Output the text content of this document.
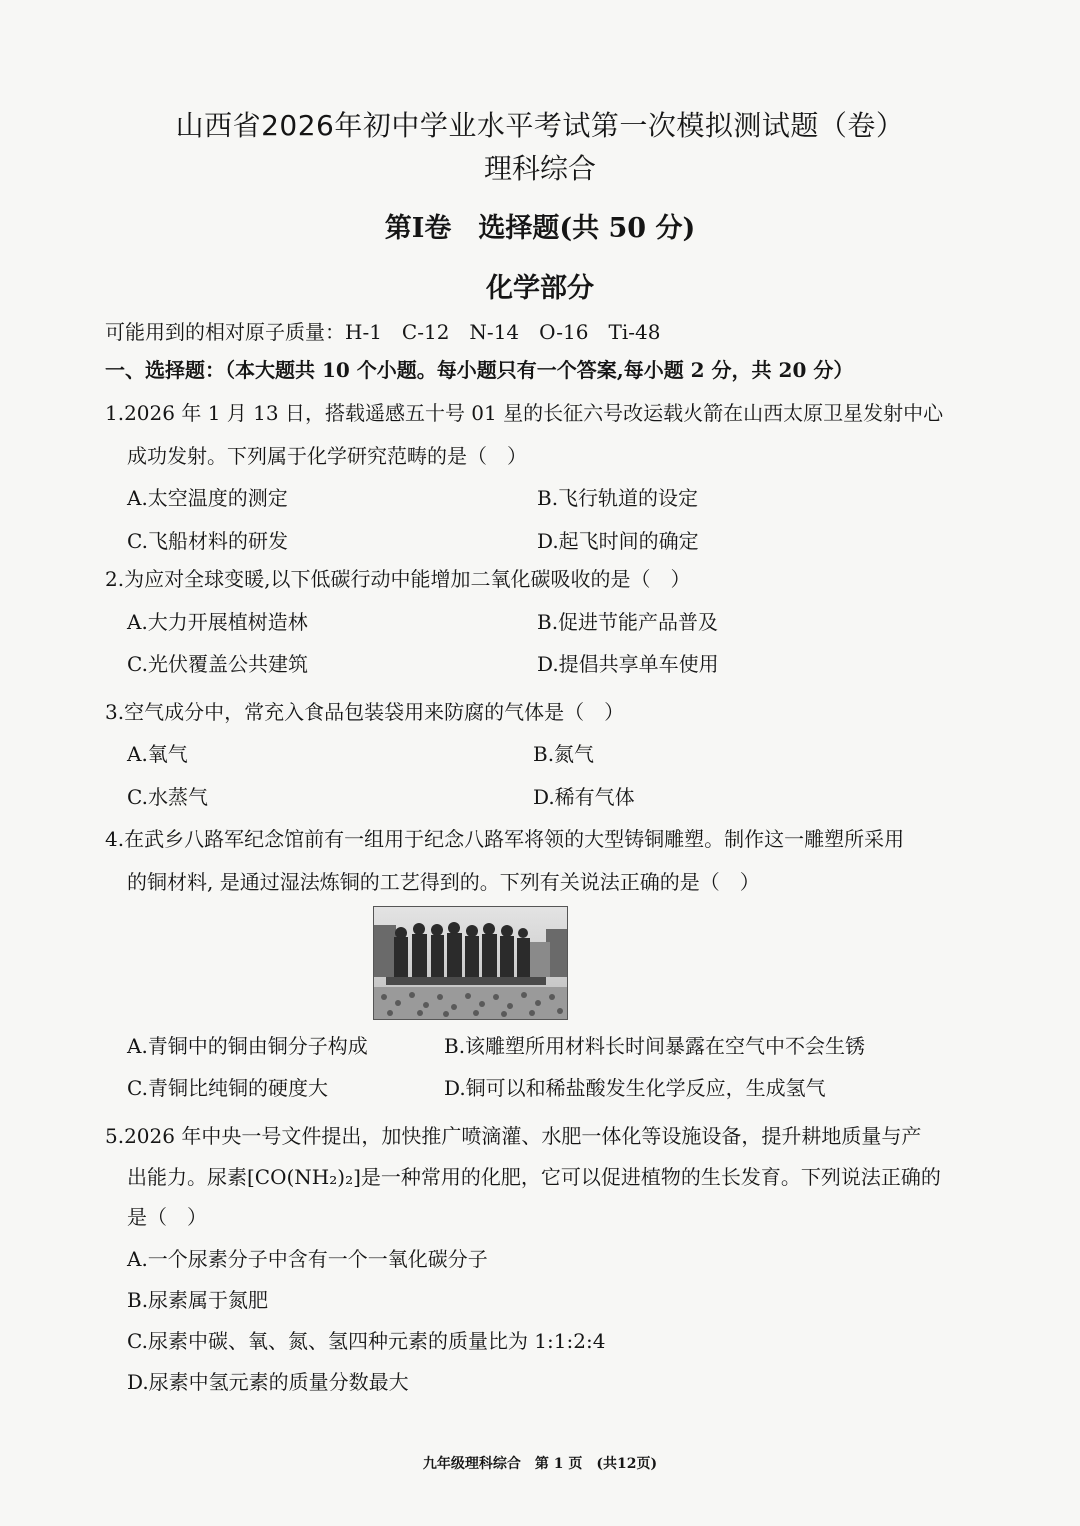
山西省2026年初中学业水平考试第一次模拟测试题（卷）
理科综合
第Ⅰ卷　选择题(共 50 分)
化学部分
可能用到的相对原子质量：H-1　C-12　N-14　O-16　Ti-48
一、选择题：（本大题共 10 个小题。每小题只有一个答案,每小题 2 分，共 20 分）
1.2026 年 1 月 13 日，搭载遥感五十号 01 星的长征六号改运载火箭在山西太原卫星发射中心
成功发射。下列属于化学研究范畴的是（　）
A.太空温度的测定	B.飞行轨道的设定
C.飞船材料的研发	D.起飞时间的确定
2.为应对全球变暖,以下低碳行动中能增加二氧化碳吸收的是（　）
A.大力开展植树造林	B.促进节能产品普及
C.光伏覆盖公共建筑	D.提倡共享单车使用
3.空气成分中，常充入食品包装袋用来防腐的气体是（　）
A.氧气	B.氮气
C.水蒸气	D.稀有气体
4.在武乡八路军纪念馆前有一组用于纪念八路军将领的大型铸铜雕塑。制作这一雕塑所采用
的铜材料, 是通过湿法炼铜的工艺得到的。下列有关说法正确的是（　）
A.青铜中的铜由铜分子构成	B.该雕塑所用材料长时间暴露在空气中不会生锈
C.青铜比纯铜的硬度大	D.铜可以和稀盐酸发生化学反应，生成氢气
5.2026 年中央一号文件提出，加快推广喷滴灌、水肥一体化等设施设备，提升耕地质量与产
出能力。尿素[CO(NH₂)₂]是一种常用的化肥，它可以促进植物的生长发育。下列说法正确的
是（　）
A.一个尿素分子中含有一个一氧化碳分子
B.尿素属于氮肥
C.尿素中碳、氧、氮、氢四种元素的质量比为 1:1:2:4
D.尿素中氢元素的质量分数最大
九年级理科综合　第 1 页　(共12页)
